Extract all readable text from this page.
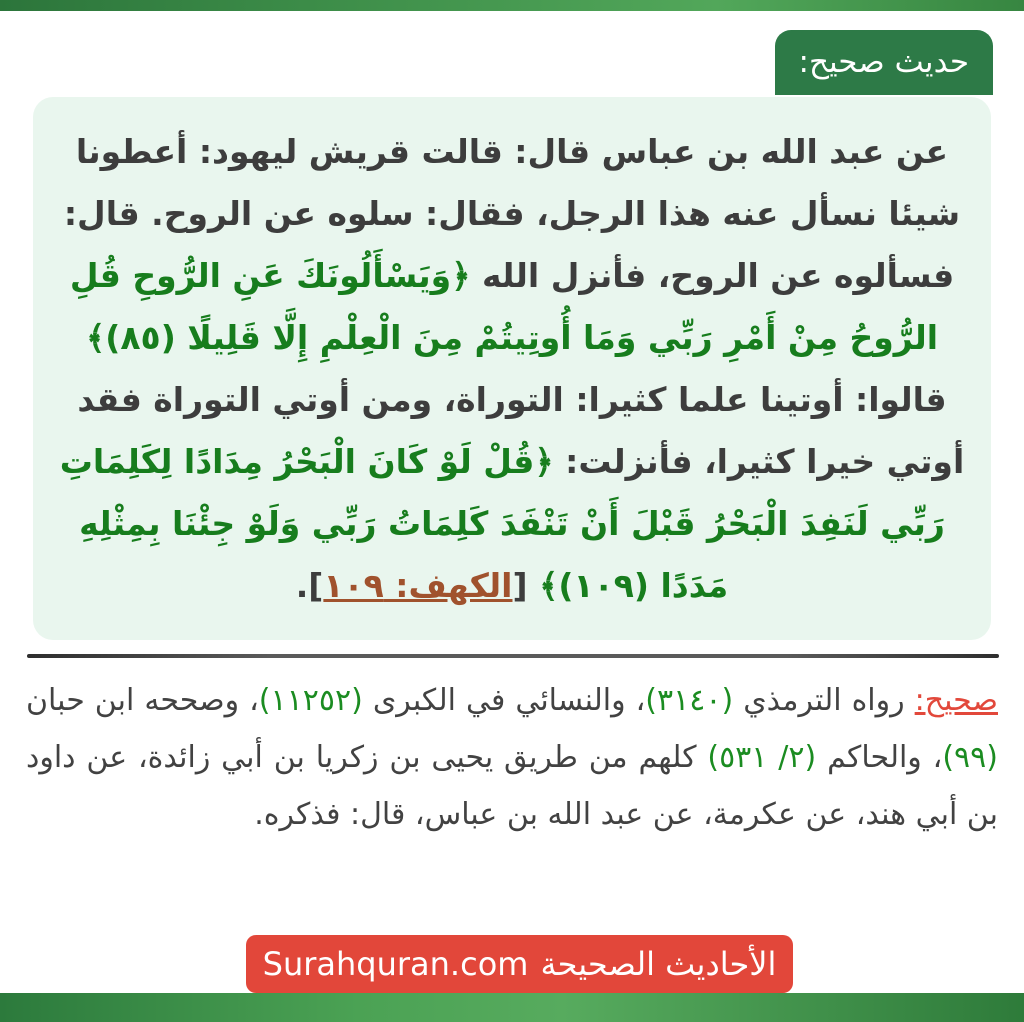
حديث صحيح:
عن عبد الله بن عباس قال: قالت قريش ليهود: أعطونا شيئا نسأل عنه هذا الرجل، فقال: سلوه عن الروح. قال: فسألوه عن الروح، فأنزل الله ﴿وَيَسْأَلُونَكَ عَنِ الرُّوحِ قُلِ الرُّوحُ مِنْ أَمْرِ رَبِّي وَمَا أُوتِيتُمْ مِنَ الْعِلْمِ إِلَّا قَلِيلًا (٨٥)﴾ قالوا: أوتينا علما كثيرا: التوراة، ومن أوتي التوراة فقد أوتي خيرا كثيرا، فأنزلت: ﴿قُلْ لَوْ كَانَ الْبَحْرُ مِدَادًا لِكَلِمَاتِ رَبِّي لَنَفِدَ الْبَحْرُ قَبْلَ أَنْ تَنْفَدَ كَلِمَاتُ رَبِّي وَلَوْ جِئْنَا بِمِثْلِهِ مَدَدًا (١٠٩)﴾ [الكهف: ١٠٩].
صحيح: رواه الترمذي (٣١٤٠)، والنسائي في الكبرى (١١٢٥٢)، وصححه ابن حبان (٩٩)، والحاكم (٢/ ٥٣١) كلهم من طريق يحيى بن زكريا بن أبي زائدة، عن داود بن أبي هند، عن عكرمة، عن عبد الله بن عباس، قال: فذكره.
الأحاديث الصحيحة
Surahquran.com
